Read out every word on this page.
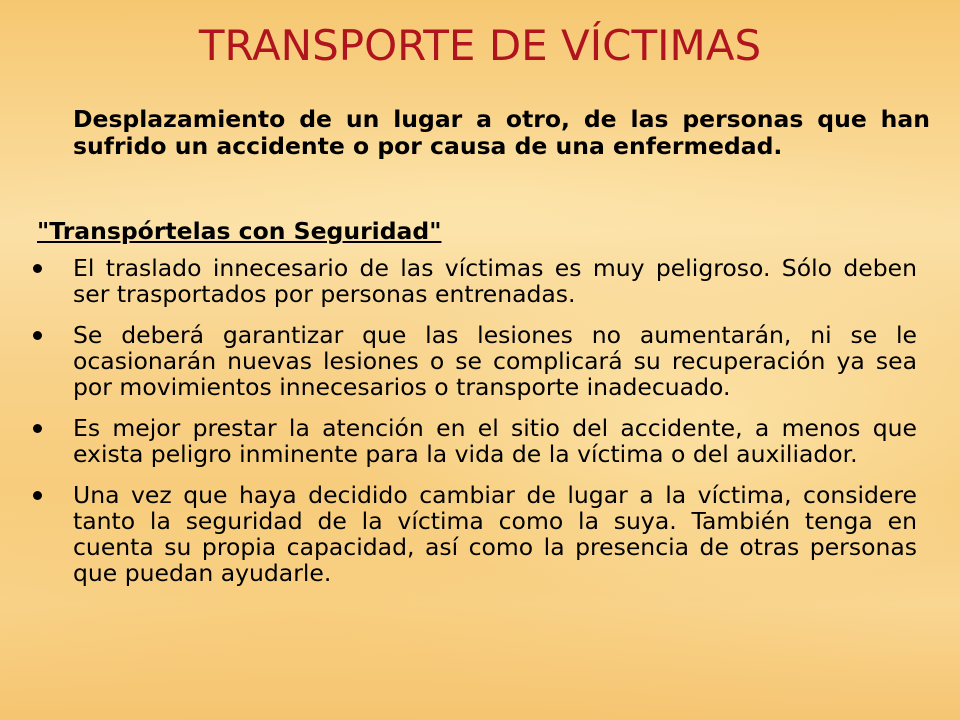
TRANSPORTE DE VÍCTIMAS
Desplazamiento de un lugar a otro, de las personas que han sufrido un accidente o por causa de una enfermedad.
"Transpórtelas con Seguridad"
El traslado innecesario de las víctimas es muy peligroso. Sólo deben ser trasportados por personas entrenadas.
Se deberá garantizar que las lesiones no aumentarán, ni se le ocasionarán nuevas lesiones o se complicará su recuperación ya sea por movimientos innecesarios o transporte inadecuado.
Es mejor prestar la atención en el sitio del accidente, a menos que exista peligro inminente para la vida de la víctima o del auxiliador.
Una vez que haya decidido cambiar de lugar a la víctima, considere tanto la seguridad de la víctima como la suya. También tenga en cuenta su propia capacidad, así como la presencia de otras personas que puedan ayudarle.
